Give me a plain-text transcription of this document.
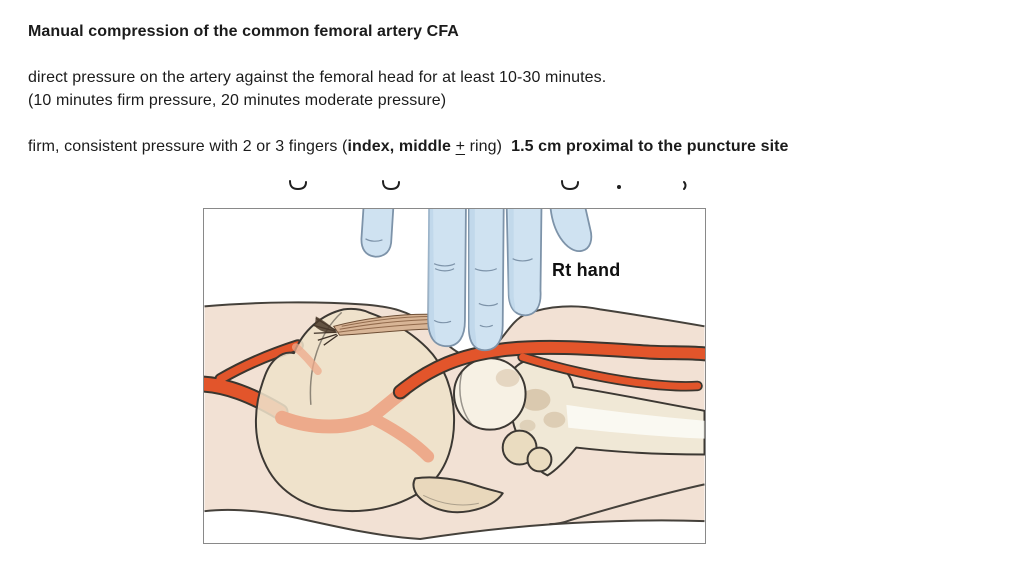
Manual compression of the common femoral artery CFA
direct pressure on the artery against the femoral head for at least 10-30 minutes.
(10 minutes firm pressure, 20 minutes moderate pressure)
firm, consistent pressure with 2 or 3 fingers (index, middle + ring) 1.5 cm proximal to the puncture site
Rt hand
